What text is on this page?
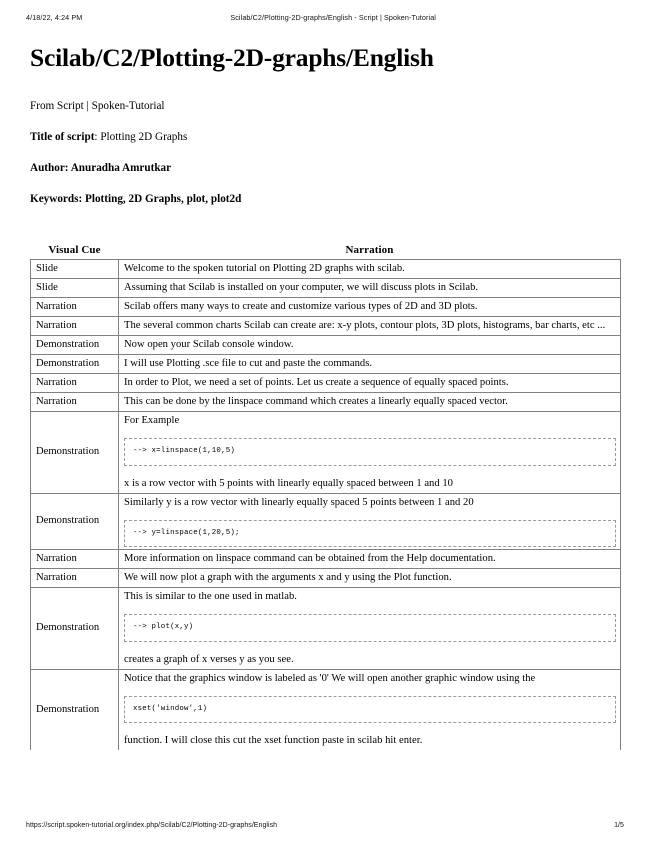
4/18/22, 4:24 PM	Scilab/C2/Plotting-2D-graphs/English - Script | Spoken-Tutorial
Scilab/C2/Plotting-2D-graphs/English
From Script | Spoken-Tutorial
Title of script: Plotting 2D Graphs
Author: Anuradha Amrutkar
Keywords: Plotting, 2D Graphs, plot, plot2d
Visual Cue	Narration
Slide	Welcome to the spoken tutorial on Plotting 2D graphs with scilab.
Slide	Assuming that Scilab is installed on your computer, we will discuss plots in Scilab.
Narration	Scilab offers many ways to create and customize various types of 2D and 3D plots.
Narration	The several common charts Scilab can create are: x-y plots, contour plots, 3D plots, histograms, bar charts, etc ...
Demonstration	Now open your Scilab console window.
Demonstration	I will use Plotting .sce file to cut and paste the commands.
Narration	In order to Plot, we need a set of points. Let us create a sequence of equally spaced points.
Narration	This can be done by the linspace command which creates a linearly equally spaced vector.
Demonstration	For Example
--> x=linspace(1,10,5)
x is a row vector with 5 points with linearly equally spaced between 1 and 10

Demonstration	Similarly y is a row vector with linearly equally spaced 5 points between 1 and 20
--> y=linspace(1,20,5);

Narration	More information on linspace command can be obtained from the Help documentation.
Narration	We will now plot a graph with the arguments x and y using the Plot function.
Demonstration	This is similar to the one used in matlab.
--> plot(x,y)
creates a graph of x verses y as you see.

Demonstration	Notice that the graphics window is labeled as '0' We will open another graphic window using the
xset('window',1)
function. I will close this cut the xset function paste in scilab hit enter.
https://script.spoken-tutorial.org/index.php/Scilab/C2/Plotting-2D-graphs/English	1/5
